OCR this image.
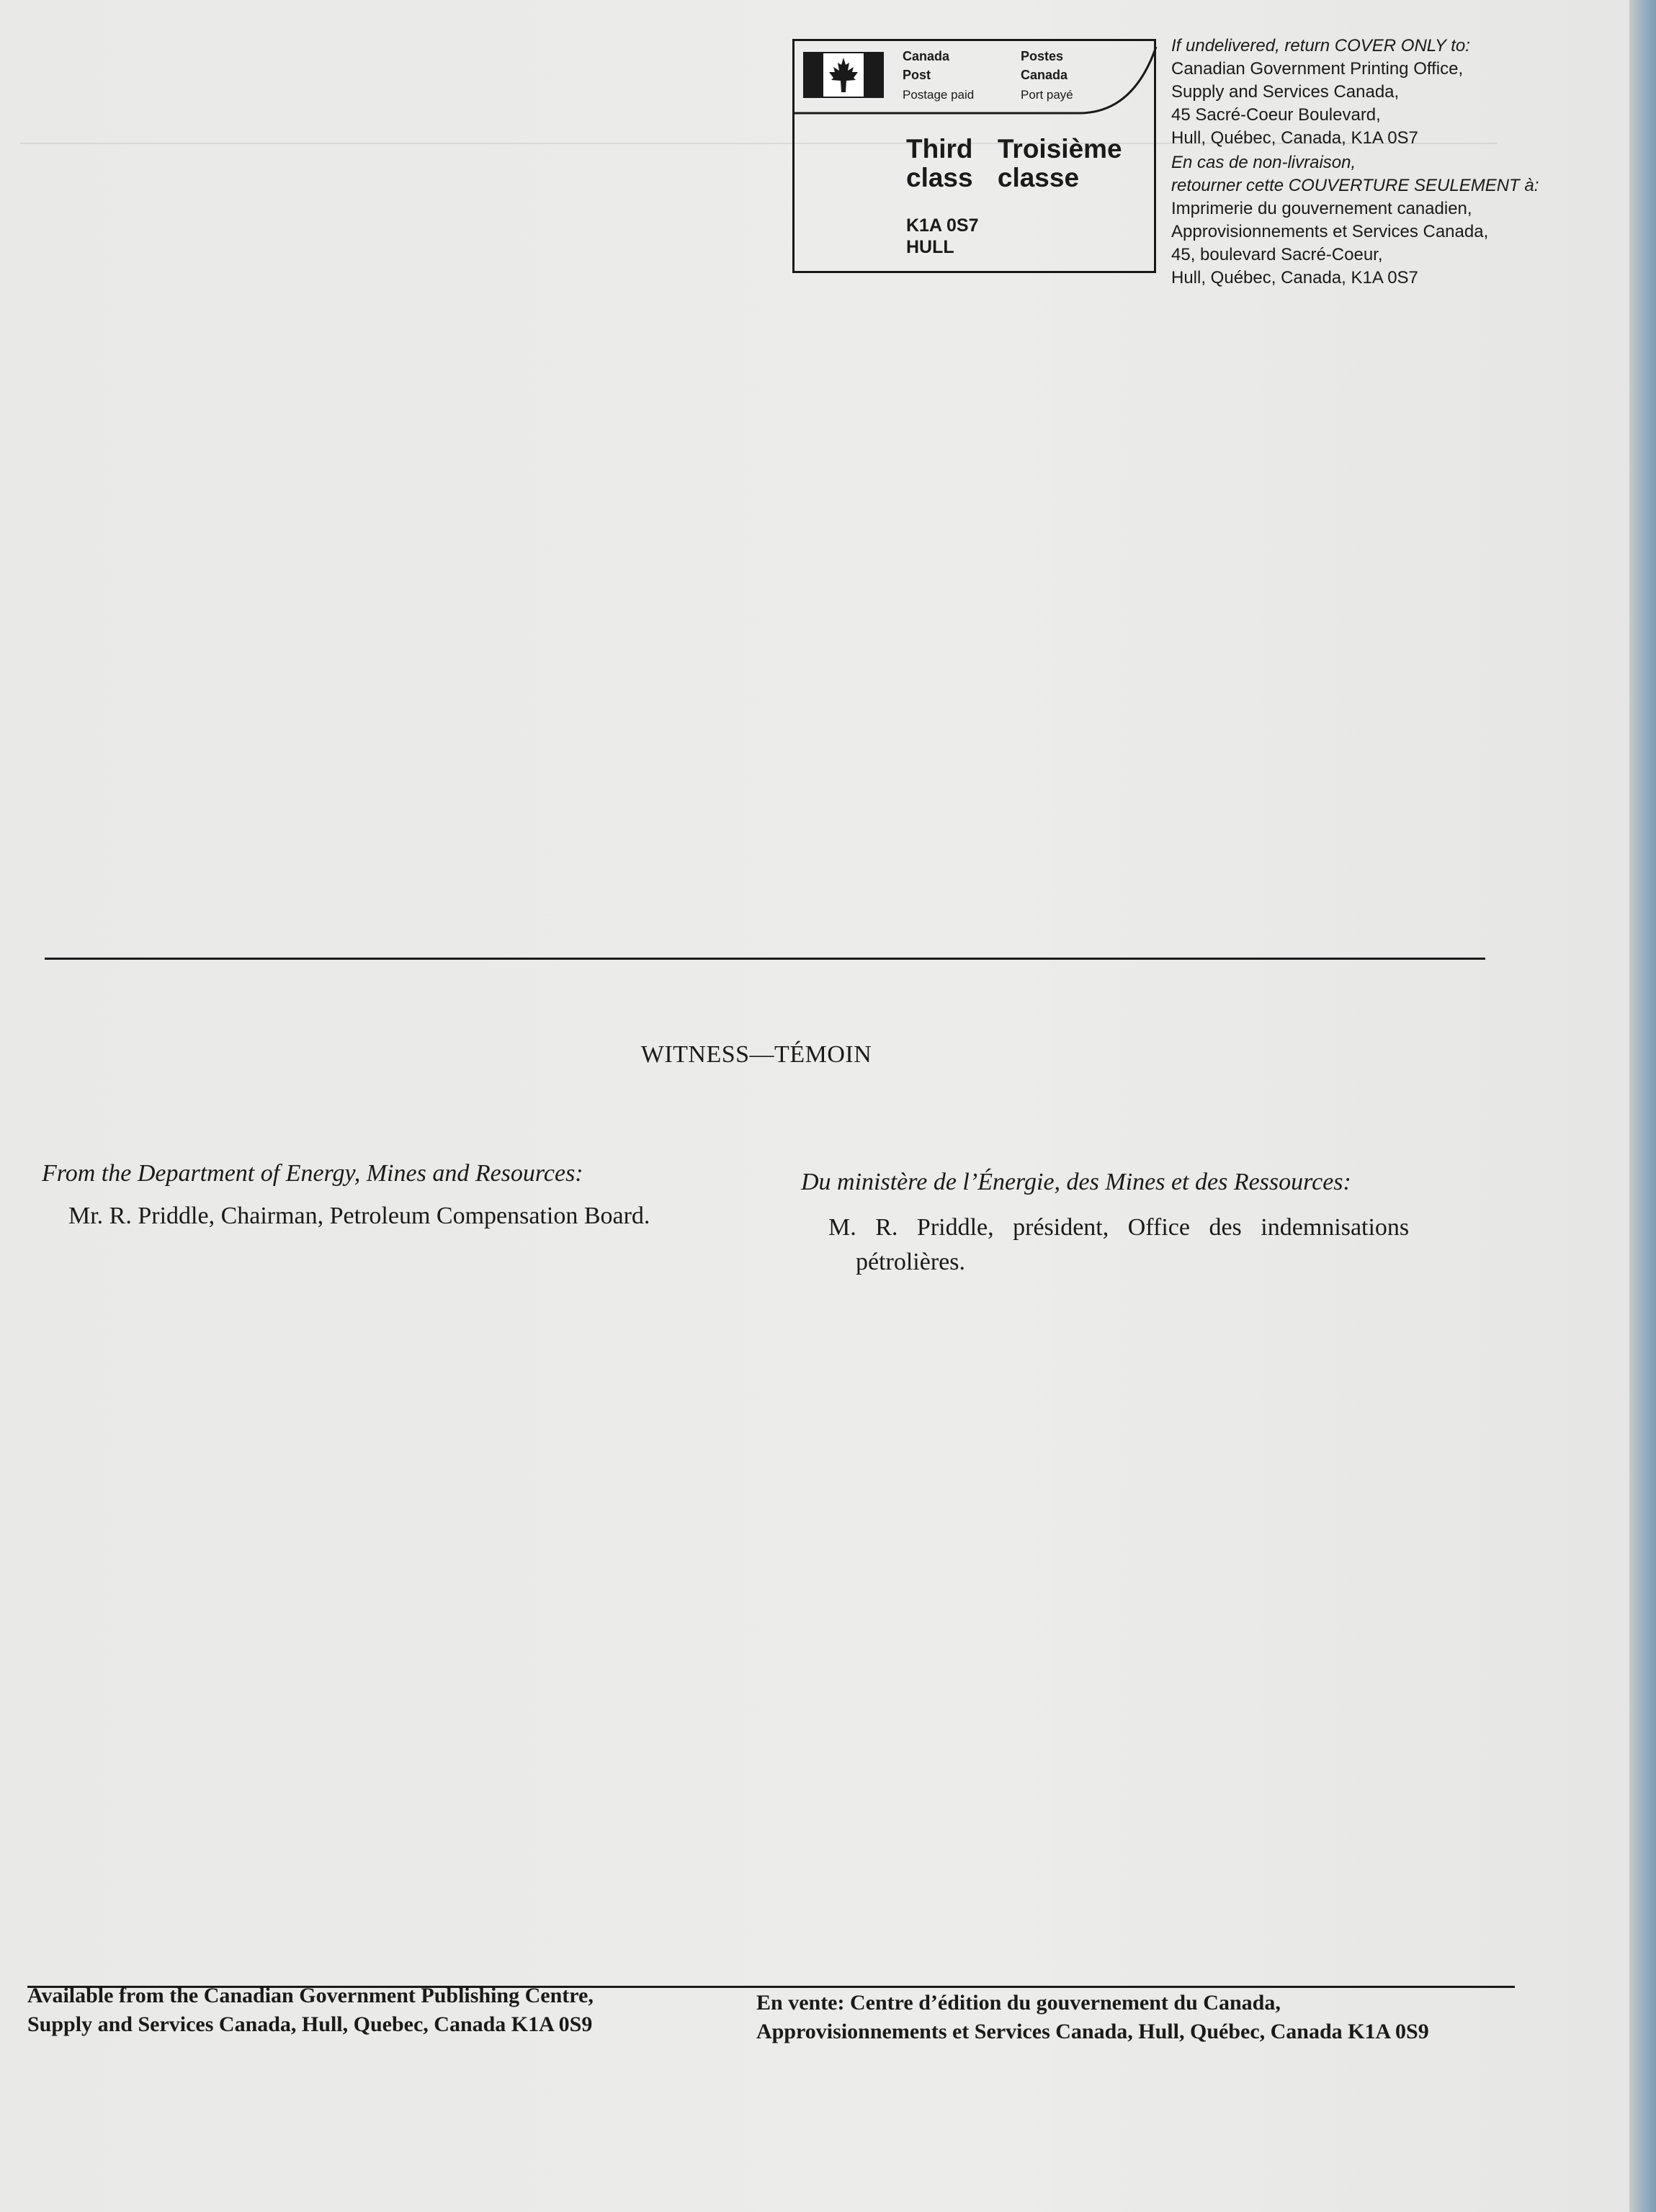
Canada
Post
Postage paid
Postes
Canada
Port payé
Third
class

Troisième
classe
K1A 0S7
HULL
If undelivered, return COVER ONLY to:
Canadian Government Printing Office,
Supply and Services Canada,
45 Sacré-Coeur Boulevard,
Hull, Québec, Canada, K1A 0S7
En cas de non-livraison,
retourner cette COUVERTURE SEULEMENT à:
Imprimerie du gouvernement canadien,
Approvisionnements et Services Canada,
45, boulevard Sacré-Coeur,
Hull, Québec, Canada, K1A 0S7
WITNESS—TÉMOIN
From the Department of Energy, Mines and Resources:
Mr. R. Priddle, Chairman, Petroleum Compensation Board.
Du ministère de l’Énergie, des Mines et des Ressources:
M. R. Priddle, président, Office des indemnisations
pétrolières.
Available from the Canadian Government Publishing Centre,
Supply and Services Canada, Hull, Quebec, Canada K1A 0S9
En vente: Centre d’édition du gouvernement du Canada,
Approvisionnements et Services Canada, Hull, Québec, Canada K1A 0S9
